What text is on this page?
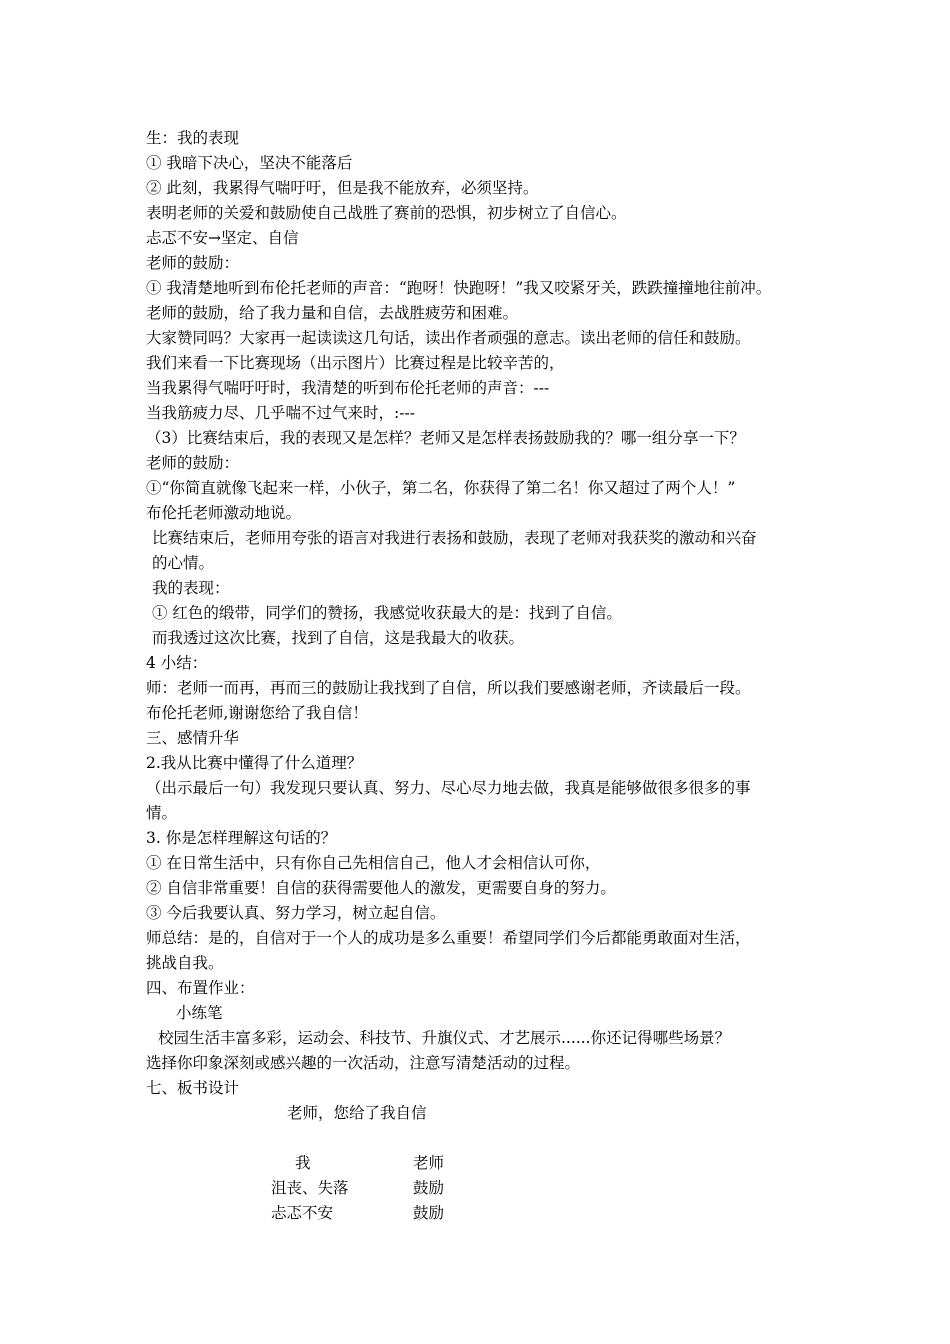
生：我的表现
① 我暗下决心，坚决不能落后
② 此刻，我累得气喘吁吁，但是我不能放弃，必须坚持。
表明老师的关爱和鼓励使自己战胜了赛前的恐惧，初步树立了自信心。
忐忑不安→坚定、自信
老师的鼓励：
① 我清楚地听到布伦托老师的声音：“跑呀！快跑呀！”我又咬紧牙关，跌跌撞撞地往前冲。
老师的鼓励，给了我力量和自信，去战胜疲劳和困难。
大家赞同吗？大家再一起读读这几句话，读出作者顽强的意志。读出老师的信任和鼓励。
我们来看一下比赛现场（出示图片）比赛过程是比较辛苦的，
当我累得气喘吁吁时，我清楚的听到布伦托老师的声音：---
当我筋疲力尽、几乎喘不过气来时，:---
（3）比赛结束后，我的表现又是怎样？老师又是怎样表扬鼓励我的？哪一组分享一下？
老师的鼓励：
①“你简直就像飞起来一样，小伙子，第二名，你获得了第二名！你又超过了两个人！”
布伦托老师激动地说。
比赛结束后，老师用夸张的语言对我进行表扬和鼓励，表现了老师对我获奖的激动和兴奋
的心情。
我的表现：
① 红色的缎带，同学们的赞扬，我感觉收获最大的是：找到了自信。
而我透过这次比赛，找到了自信，这是我最大的收获。
4 小结：
师：老师一而再，再而三的鼓励让我找到了自信，所以我们要感谢老师，齐读最后一段。
布伦托老师,谢谢您给了我自信！
三、感情升华
2.我从比赛中懂得了什么道理？
（出示最后一句）我发现只要认真、努力、尽心尽力地去做，我真是能够做很多很多的事
情。
3. 你是怎样理解这句话的？
① 在日常生活中，只有你自己先相信自己，他人才会相信认可你，
② 自信非常重要！自信的获得需要他人的激发，更需要自身的努力。
③ 今后我要认真、努力学习，树立起自信。
师总结：是的，自信对于一个人的成功是多么重要！希望同学们今后都能勇敢面对生活，
挑战自我。
四、布置作业：
小练笔
校园生活丰富多彩，运动会、科技节、升旗仪式、才艺展示......你还记得哪些场景？
选择你印象深刻或感兴趣的一次活动，注意写清楚活动的过程。
七、板书设计
老师，您给了我自信
我	老师
沮丧、失落	鼓励
忐忑不安	鼓励
